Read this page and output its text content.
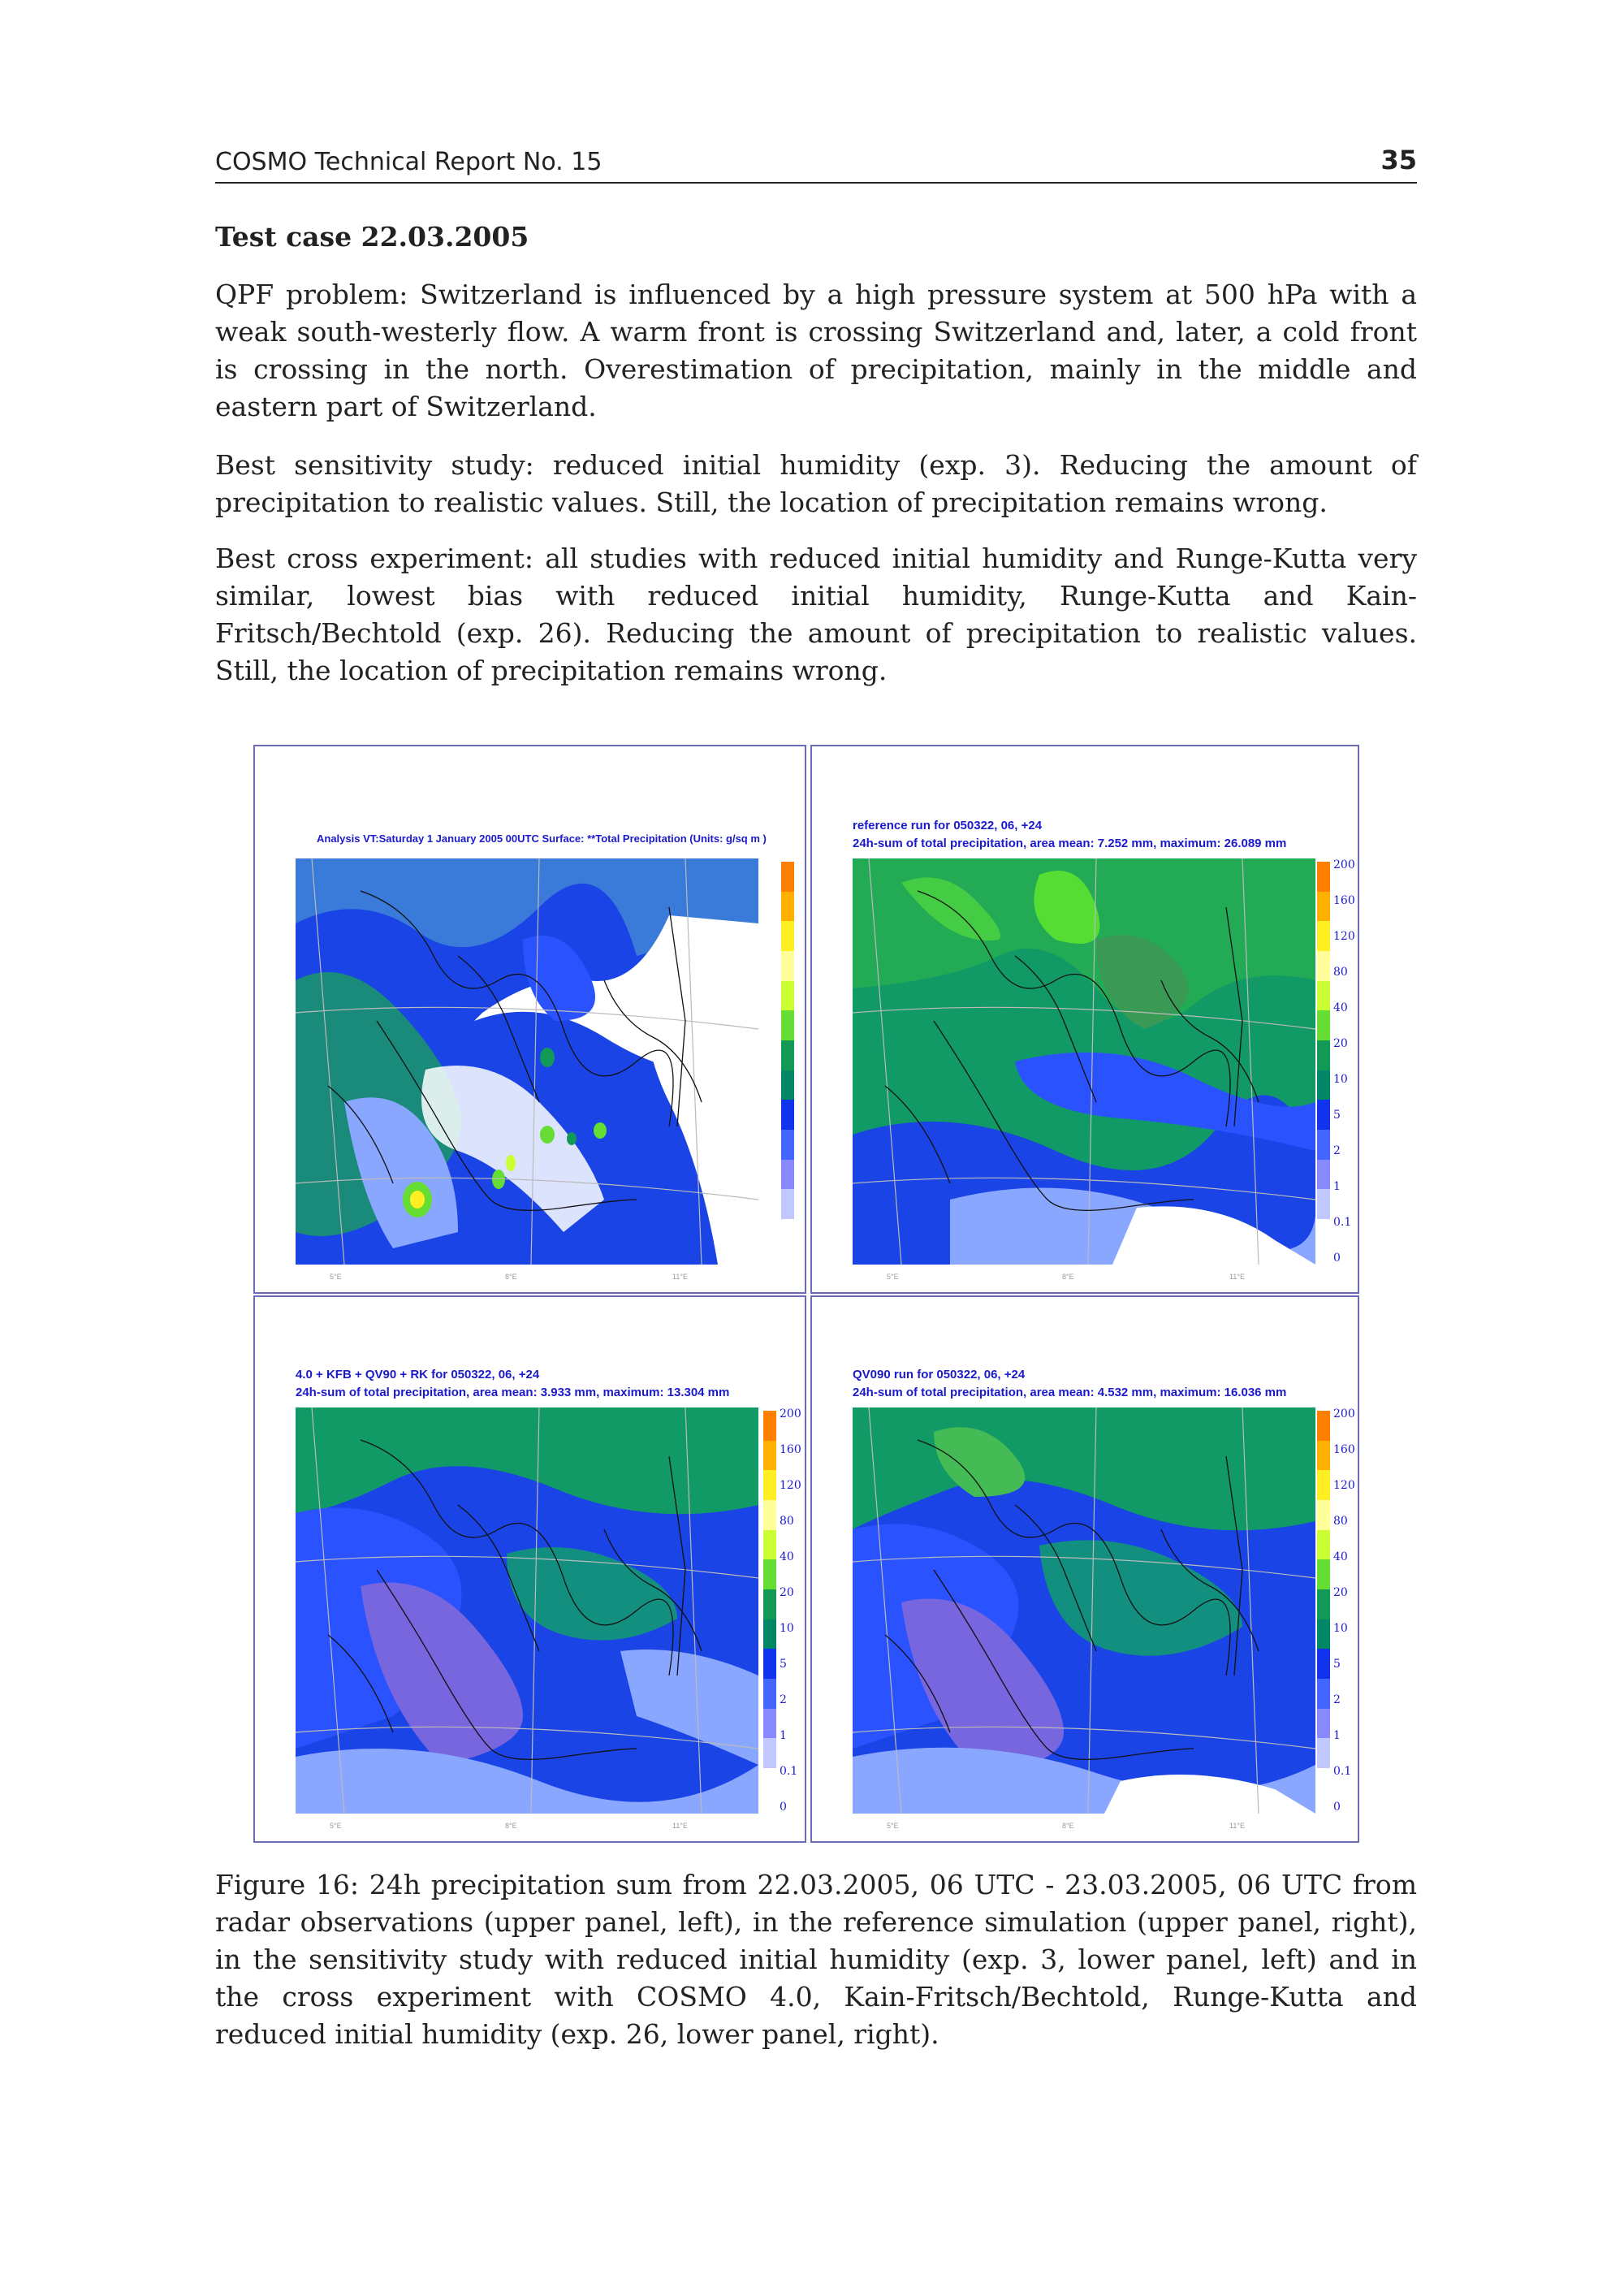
COSMO Technical Report No. 15	35
Test case 22.03.2005

QPF problem: Switzerland is influenced by a high pressure system at 500 hPa with a weak south-westerly flow. A warm front is crossing Switzerland and, later, a cold front is crossing in the north. Overestimation of precipitation, mainly in the middle and eastern part of Switzerland.

Best sensitivity study: reduced initial humidity (exp. 3). Reducing the amount of precipitation to realistic values. Still, the location of precipitation remains wrong.

Best cross experiment: all studies with reduced initial humidity and Runge-Kutta very similar, lowest bias with reduced initial humidity, Runge-Kutta and Kain-Fritsch/Bechtold (exp. 26). Reducing the amount of precipitation to realistic values. Still, the location of precipitation remains wrong.

Analysis VT:Saturday 1 January 2005 00UTC Surface: **Total Precipitation (Units: g/sq m )
5°E	8°E	11°E
reference run for 050322, 06, +24
24h-sum of total precipitation, area mean: 7.252 mm, maximum: 26.089 mm
200
160
120
80
40
20
10
5
2
1
0.1
0
5°E	8°E	11°E
4.0 + KFB + QV90 + RK for 050322, 06, +24
24h-sum of total precipitation, area mean: 3.933 mm, maximum: 13.304 mm
200
160
120
80
40
20
10
5
2
1
0.1
0
5°E	8°E	11°E
QV090 run for 050322, 06, +24
24h-sum of total precipitation, area mean: 4.532 mm, maximum: 16.036 mm
200
160
120
80
40
20
10
5
2
1
0.1
0
5°E	8°E	11°E

Figure 16: 24h precipitation sum from 22.03.2005, 06 UTC - 23.03.2005, 06 UTC from radar observations (upper panel, left), in the reference simulation (upper panel, right), in the sensitivity study with reduced initial humidity (exp. 3, lower panel, left) and in the cross experiment with COSMO 4.0, Kain-Fritsch/Bechtold, Runge-Kutta and reduced initial humidity (exp. 26, lower panel, right).
